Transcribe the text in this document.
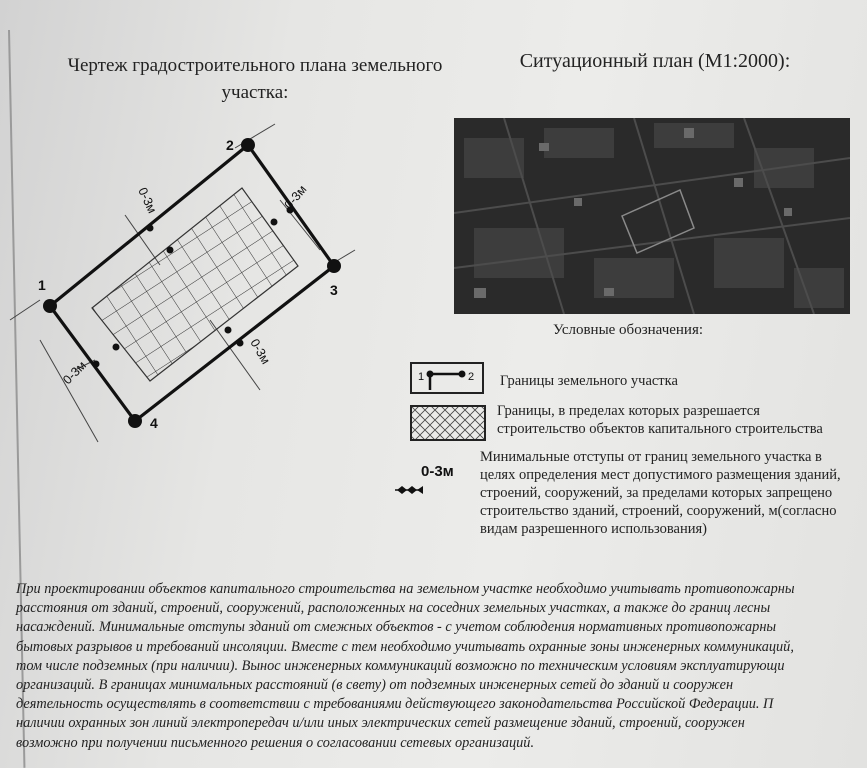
Чертеж градостроительного плана земельного
участка:
Ситуационный план (М1:2000):
1
2
3
4
0-3м	0-3м
0-3м
0-3м
Условные обозначения:
1	2 Границы земельного участка
Границы, в пределах которых разрешается
строительство объектов капитального строительства
0-3м
Минимальные отступы от границ земельного участка в
целях определения мест допустимого размещения зданий,
строений, сооружений, за пределами которых запрещено
строительство зданий, строений, сооружений, м(согласно
видам разрешенного использования)

При проектировании объектов капитального строительства на земельном участке необходимо учитывать противопожарны

расстояния от зданий, строений, сооружений, расположенных на соседних земельных участках, а также до границ лесны

насаждений. Минимальные отступы зданий от смежных объектов - с учетом соблюдения нормативных противопожарны

бытовых разрывов и требований инсоляции. Вместе с тем необходимо учитывать охранные зоны инженерных коммуникаций,

том числе подземных (при наличии). Вынос инженерных коммуникаций возможно по техническим условиям эксплуатирующи

организаций. В границах минимальных расстояний (в свету) от подземных инженерных сетей до зданий и сооружен

деятельность осуществлять в соответствии с требованиями действующего законодательства Российской Федерации. П

наличии охранных зон линий электропередач и/или иных электрических сетей размещение зданий, строений, сооружен

возможно при получении письменного решения о согласовании сетевых организаций.
